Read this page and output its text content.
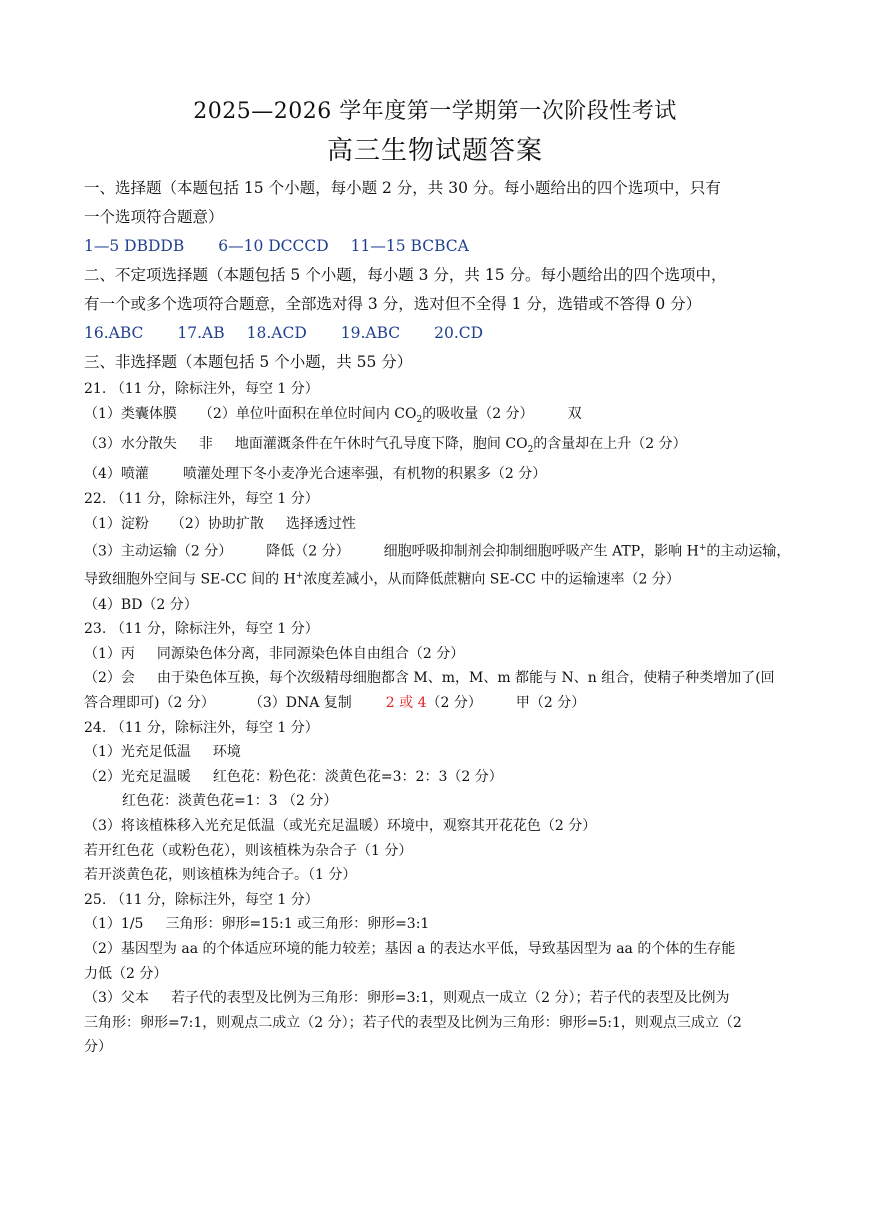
2025—2026 学年度第一学期第一次阶段性考试
高三生物试题答案
一、选择题（本题包括 15 个小题，每小题 2 分，共 30 分。每小题给出的四个选项中，只有
一个选项符合题意）
1—5 DBDDB 6—10 DCCCD 11—15 BCBCA
二、不定项选择题（本题包括 5 个小题，每小题 3 分，共 15 分。每小题给出的四个选项中，
有一个或多个选项符合题意，全部选对得 3 分，选对但不全得 1 分，选错或不答得 0 分）
16.ABC 17.AB 18.ACD 19.ABC 20.CD
三、非选择题（本题包括 5 个小题，共 55 分）
21. （11 分，除标注外，每空 1 分）
（1）类囊体膜 （2）单位叶面积在单位时间内 $CO_2$的吸收量（2 分） 双
（3）水分散失 非 地面灌溉条件在午休时气孔导度下降，胞间 $CO_2$的含量却在上升（2 分）
（4）喷灌 喷灌处理下冬小麦净光合速率强，有机物的积累多（2 分）
22. （11 分，除标注外，每空 1 分）
（1）淀粉 （2）协助扩散 选择透过性
（3）主动运输（2 分） 降低（2 分） 细胞呼吸抑制剂会抑制细胞呼吸产生 ATP，影响 H+的主动运输，
导致细胞外空间与 SE-CC 间的 H+浓度差减小，从而降低蔗糖向 SE-CC 中的运输速率（2 分）
（4）BD（2 分）
23. （11 分，除标注外，每空 1 分）
（1）丙 同源染色体分离，非同源染色体自由组合（2 分）
（2）会 由于染色体互换，每个次级精母细胞都含 M、m，M、m 都能与 N、n 组合，使精子种类增加了(回
答合理即可)（2 分） （3）DNA 复制 2 或 4（2 分） 甲（2 分）
24. （11 分，除标注外，每空 1 分）
（1）光充足低温 环境
（2）光充足温暖 红色花：粉色花：淡黄色花=3：2：3（2 分）
红色花：淡黄色花=1：3 （2 分）
（3）将该植株移入光充足低温（或光充足温暖）环境中，观察其开花花色（2 分）
若开红色花（或粉色花），则该植株为杂合子（1 分）
若开淡黄色花，则该植株为纯合子。（1 分）
25. （11 分，除标注外，每空 1 分）
（1）1/5 三角形：卵形=15:1 或三角形：卵形=3:1
（2）基因型为 aa 的个体适应环境的能力较差；基因 a 的表达水平低，导致基因型为 aa 的个体的生存能
力低（2 分）
（3）父本 若子代的表型及比例为三角形：卵形=3:1，则观点一成立（2 分）；若子代的表型及比例为
三角形：卵形=7:1，则观点二成立（2 分）；若子代的表型及比例为三角形：卵形=5:1，则观点三成立（2
分）
